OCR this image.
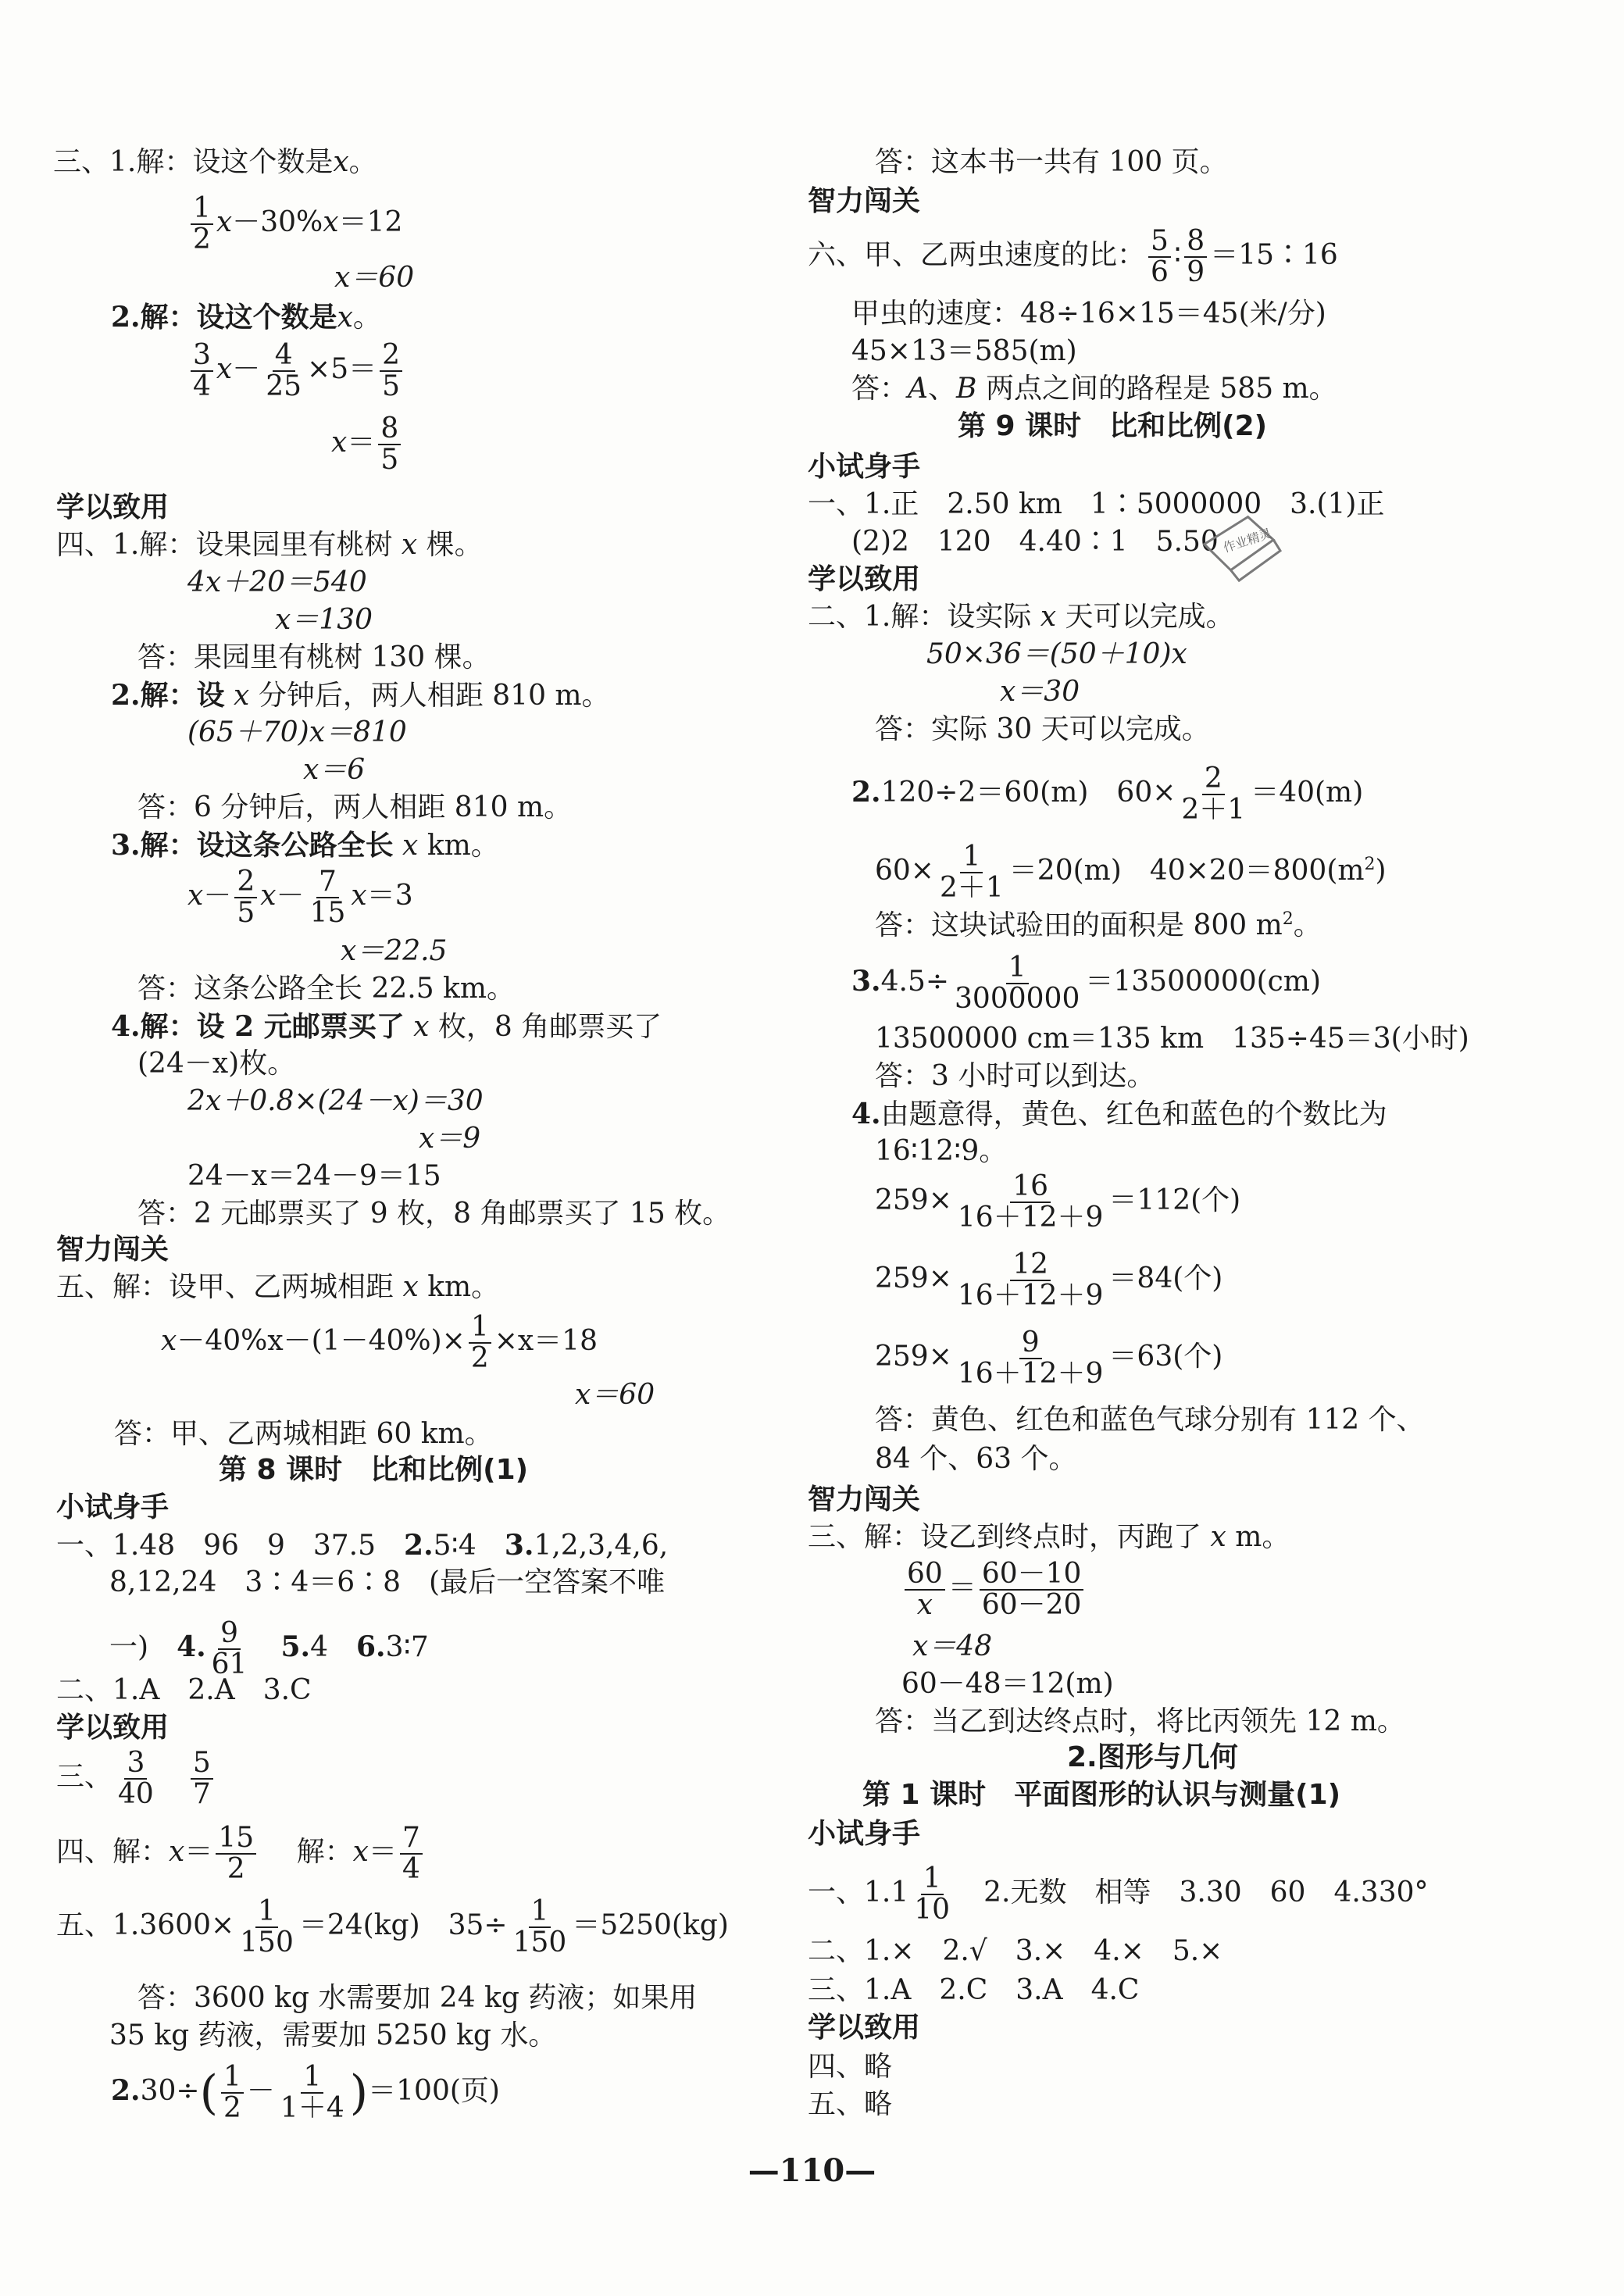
三、1.解：设这个数是x。
$\frac{1}{2} x-30\%x=12$
x＝60
2.解：设这个数是x。
$\frac{3}{4} x- \frac{4}{25} \times 5= \frac{2}{5}$
$x= \frac{8}{5}$
学以致用
四、1.解：设果园里有桃树 x 棵。
4x＋20＝540
x＝130
答：果园里有桃树 130 棵。
2.解：设 x 分钟后，两人相距 810 m。
(65＋70)x＝810
x＝6
答：6 分钟后，两人相距 810 m。
3.解：设这条公路全长 x km。
$x- \frac{2}{5} x- \frac{7}{15} x=3$
x＝22.5
答：这条公路全长 22.5 km。
4.解：设 2 元邮票买了 x 枚，8 角邮票买了
(24－x)枚。
2x＋0.8×(24－x)＝30
x＝9
24－x＝24－9＝15
答：2 元邮票买了 9 枚，8 角邮票买了 15 枚。
智力闯关
五、解：设甲、乙两城相距 x km。
$x-40\%x-(1-40\%)\times \frac{1}{2} \times x=18$
x＝60
答：甲、乙两城相距 60 km。
第 8 课时　比和比例(1)
小试身手
一、1.48　96　9　37.5　 2.5∶4　 3.1,2,3,4,6,
8,12,24　3∶4＝6∶8　(最后一空答案不唯
一)　 4. $\frac{9}{61}$
　 5.4　 6.3∶7
二、1.A　2.A　3.C
学以致用
三、 $\frac{3}{40}$
　 $\frac{5}{7}$
四、解：$x= \frac{15}{2}$
　 解：$x= \frac{7}{4}$
五、$1.3600\times \frac{1}{150} =24(kg)$　$35\div \frac{1}{150} =5250(kg)$
答：3600 kg 水需要加 24 kg 药液；如果用
35 kg 药液，需要加 5250 kg 水。
$2.30\div( \frac{1}{2} - \frac{1}{1+4} )=100$(页)
答：这本书一共有 100 页。
智力闯关
六、甲、乙两虫速度的比： $\frac{5}{6}$ ∶ $\frac{8}{9}$ ＝15∶16
甲虫的速度：48÷16×15＝45(米/分)
45×13＝585(m)
答：A、B 两点之间的路程是 585 m。
第 9 课时　比和比例(2)
小试身手
一、1.正　2.50 km　1∶5000000　3.(1)正
(2)2　120　4.40∶1　5.50
学以致用
二、1.解：设实际 x 天可以完成。
50×36＝(50＋10)x
x＝30
答：实际 30 天可以完成。
2.120÷2＝60(m)　$60\times \frac{2}{2+1} =40(m)$
$60\times \frac{1}{2+1} =20(m)$　$40\times 20=800(m^2)$
答：这块试验田的面积是 800 $m^2$。
$3.4.5\div \frac{1}{3000000} =13500000(cm)$
13500000 cm＝135 km　135÷45＝3(小时)
答：3 小时可以到达。
4.由题意得，黄色、红色和蓝色的个数比为
16∶12∶9。
$259\times \frac{16}{16+12+9} =112$(个)
$259\times \frac{12}{16+12+9} =84$(个)
$259\times \frac{9}{16+12+9} =63$(个)
答：黄色、红色和蓝色气球分别有 112 个、
84 个、63 个。
智力闯关
三、解：设乙到终点时，丙跑了 x m。
$\frac{60}{x} = \frac{60-10}{60-20}$
x＝48
60－48＝12(m)
答：当乙到达终点时，将比丙领先 12 m。
2.图形与几何
第 1 课时　平面图形的认识与测量(1)
小试身手
一、$1.1 \frac{1}{10}$
　 2.无数　相等　 3.30　60　 4.330°
二、1.×　2.√　3.×　4.×　5.×
三、1.A　2.C　3.A　4.C
学以致用
四、略
五、略
作业精灵
—110—
